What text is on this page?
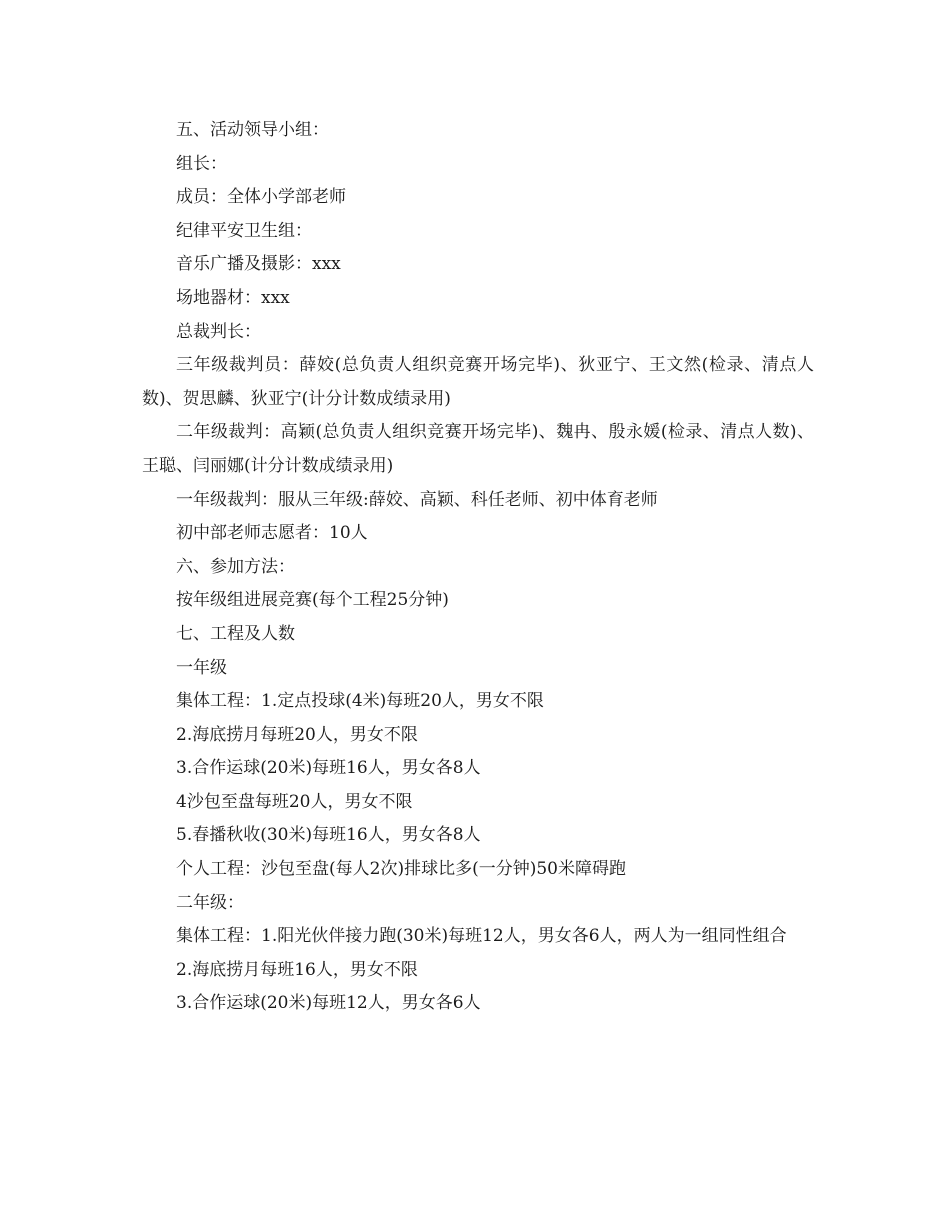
五、活动领导小组：

组长：

成员：全体小学部老师

纪律平安卫生组：

音乐广播及摄影：xxx

场地器材：xxx

总裁判长：

三年级裁判员：薛姣(总负责人组织竞赛开场完毕)、狄亚宁、王文然(检录、清点人数)、贺思麟、狄亚宁(计分计数成绩录用)

二年级裁判：高颖(总负责人组织竞赛开场完毕)、魏冉、殷永媛(检录、清点人数)、王聪、闫丽娜(计分计数成绩录用)

一年级裁判：服从三年级:薛姣、高颖、科任老师、初中体育老师

初中部老师志愿者：10人

六、参加方法：

按年级组进展竞赛(每个工程25分钟)

七、工程及人数

一年级

集体工程：1.定点投球(4米)每班20人，男女不限

2.海底捞月每班20人，男女不限

3.合作运球(20米)每班16人，男女各8人

4沙包至盘每班20人，男女不限

5.春播秋收(30米)每班16人，男女各8人

个人工程：沙包至盘(每人2次)排球比多(一分钟)50米障碍跑

二年级：

集体工程：1.阳光伙伴接力跑(30米)每班12人，男女各6人，两人为一组同性组合

2.海底捞月每班16人，男女不限

3.合作运球(20米)每班12人，男女各6人
